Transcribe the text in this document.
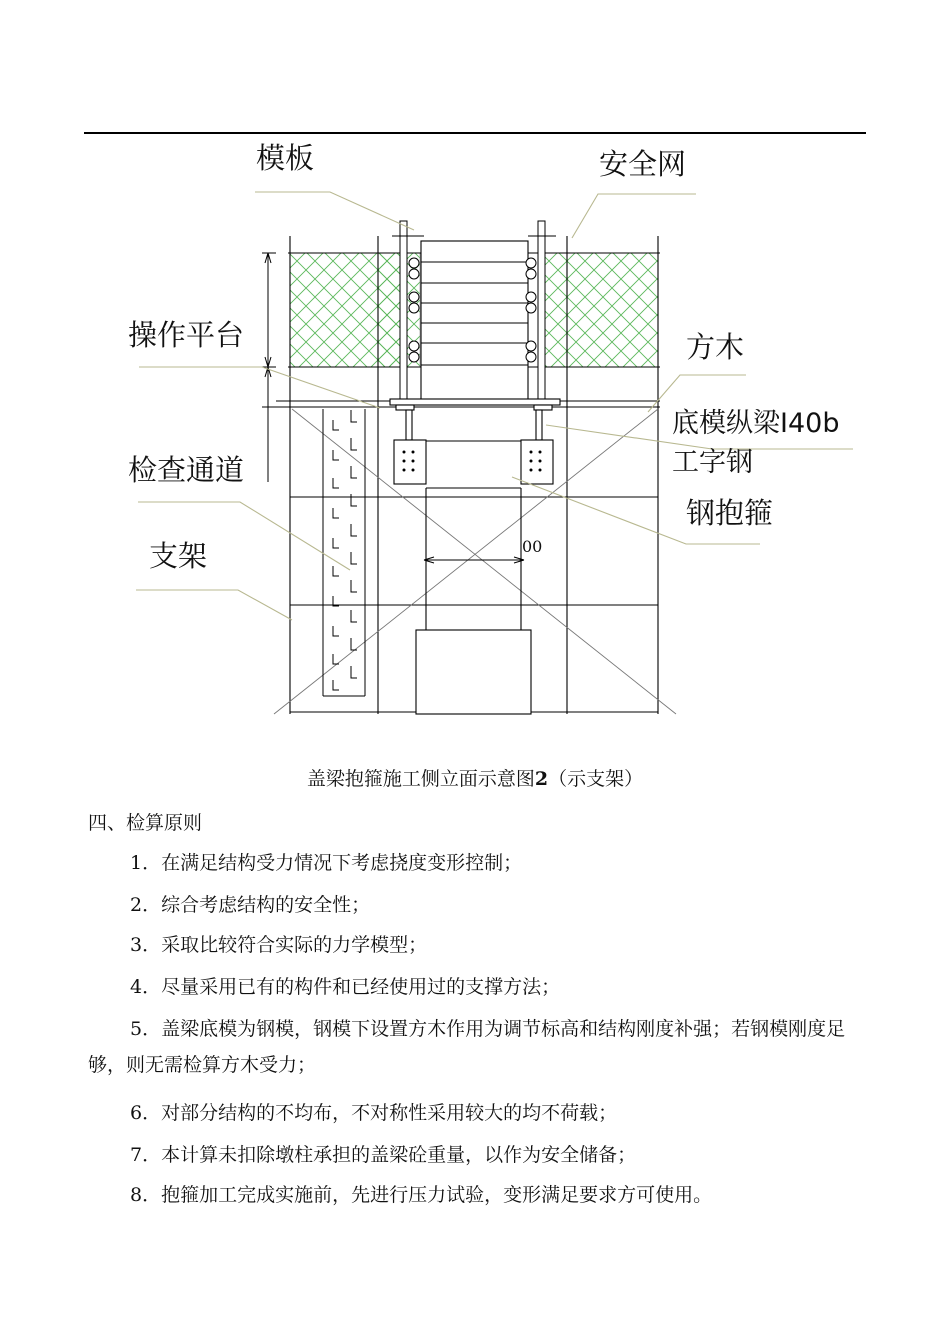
模板	安全网
操作平台	方木
底模纵梁I40b
工字钢
检查通道
钢抱箍
支架	00
盖梁抱箍施工侧立面示意图2（示支架）
四、检算原则
1．在满足结构受力情况下考虑挠度变形控制；
2．综合考虑结构的安全性；
3．采取比较符合实际的力学模型；
4．尽量采用已有的构件和已经使用过的支撑方法；
5．盖梁底模为钢模，钢模下设置方木作用为调节标高和结构刚度补强；若钢模刚度足够，则无需检算方木受力；
6．对部分结构的不均布，不对称性采用较大的均不荷载；
7．本计算未扣除墩柱承担的盖梁砼重量，以作为安全储备；
8．抱箍加工完成实施前，先进行压力试验，变形满足要求方可使用。
